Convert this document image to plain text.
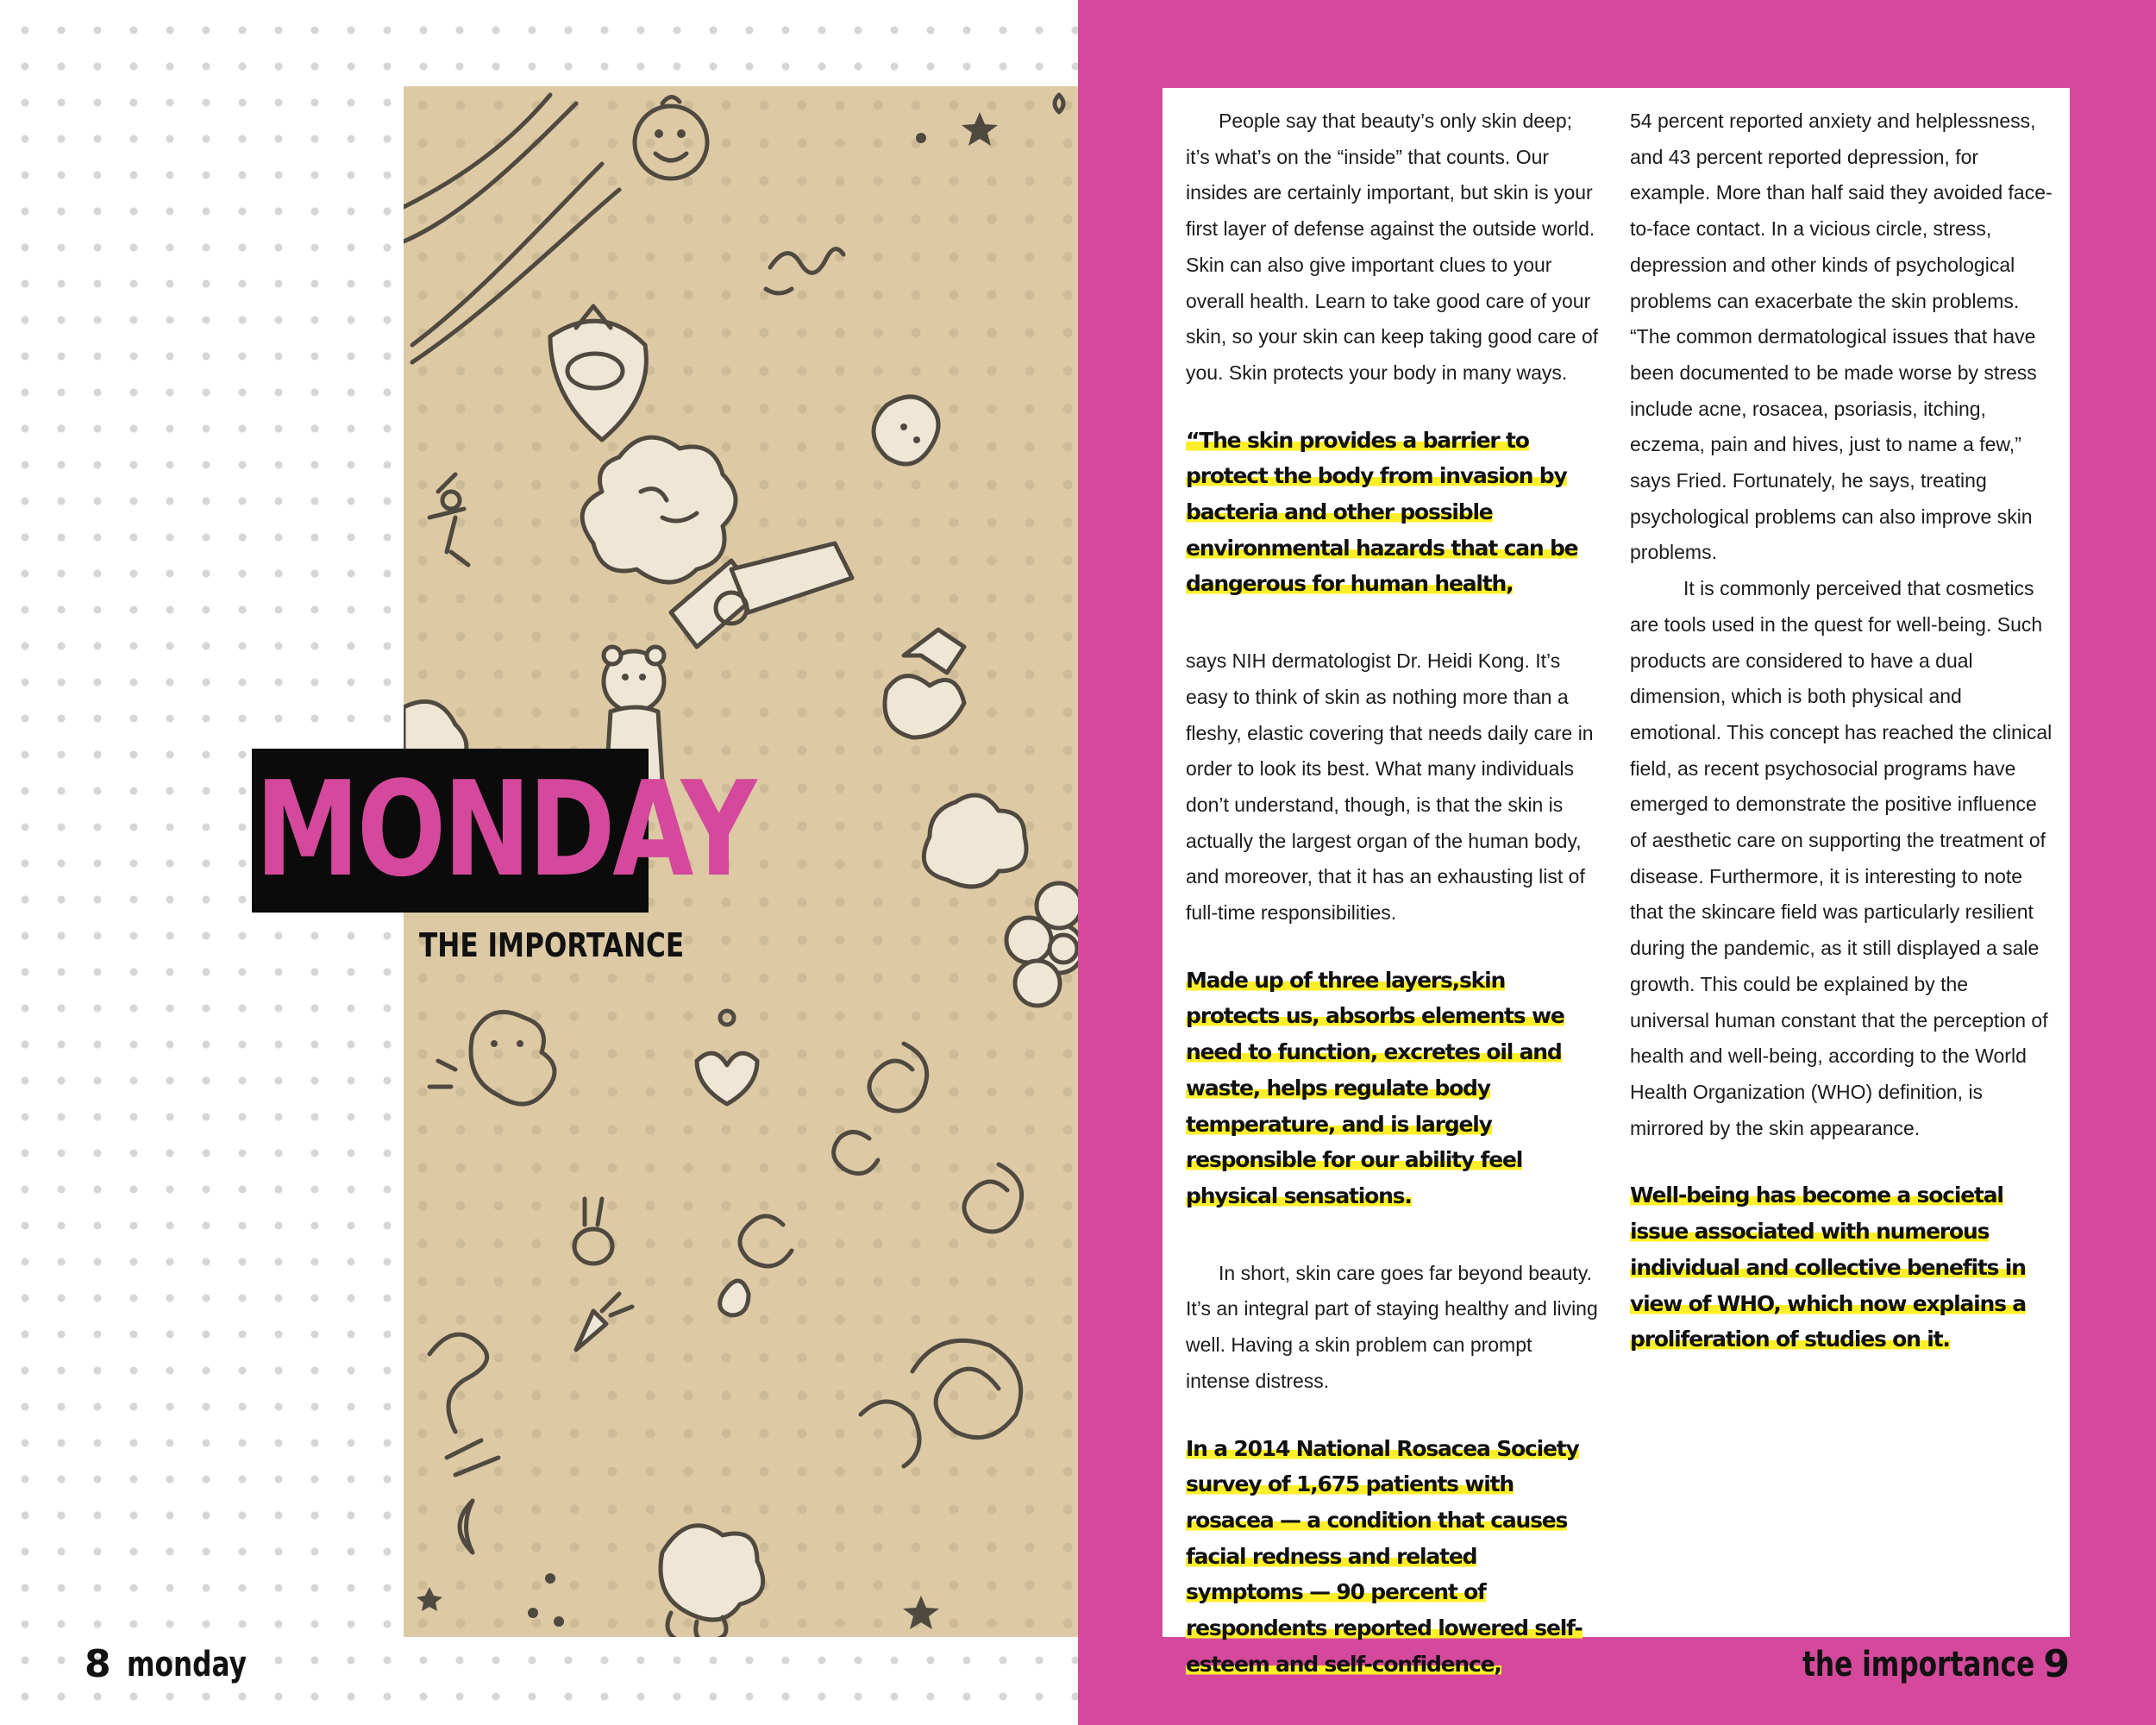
MONDAY
THE IMPORTANCE
8 monday	the importance 9

People say that beauty’s only skin deep; it’s what’s on the “inside” that counts. Our insides are certainly important, but skin is your first layer of defense against the outside world. Skin can also give important clues to your overall health. Learn to take good care of your skin, so your skin can keep taking good care of you. Skin protects your body in many ways.

“The skin provides a barrier to protect the body from invasion by bacteria and other possible environmental hazards that can be dangerous for human health,

says NIH dermatologist Dr. Heidi Kong. It’s easy to think of skin as nothing more than a fleshy, elastic covering that needs daily care in order to look its best. What many individuals don’t understand, though, is that the skin is actually the largest organ of the human body, and moreover, that it has an exhausting list of full-time responsibilities.

Made up of three layers,skin protects us, absorbs elements we need to function, excretes oil and waste, helps regulate body temperature, and is largely responsible for our ability feel physical sensations.

In short, skin care goes far beyond beauty. It’s an integral part of staying healthy and living well. Having a skin problem can prompt intense distress.

In a 2014 National Rosacea Society survey of 1,675 patients with rosacea — a condition that causes facial redness and related symptoms — 90 percent of respondents reported lowered self-esteem and self-confidence,

54 percent reported anxiety and helplessness, and 43 percent reported depression, for example. More than half said they avoided face-to-face contact. In a vicious circle, stress, depression and other kinds of psychological problems can exacerbate the skin problems. “The common dermatological issues that have been documented to be made worse by stress include acne, rosacea, psoriasis, itching, eczema, pain and hives, just to name a few,” says Fried. Fortunately, he says, treating psychological problems can also improve skin problems.

It is commonly perceived that cosmetics are tools used in the quest for well-being. Such products are considered to have a dual dimension, which is both physical and emotional. This concept has reached the clinical field, as recent psychosocial programs have emerged to demonstrate the positive influence of aesthetic care on supporting the treatment of disease. Furthermore, it is interesting to note that the skincare field was particularly resilient during the pandemic, as it still displayed a sale growth. This could be explained by the universal human constant that the perception of health and well-being, according to the World Health Organization (WHO) definition, is mirrored by the skin appearance.

Well-being has become a societal issue associated with numerous individual and collective benefits in view of WHO, which now explains a proliferation of studies on it.
